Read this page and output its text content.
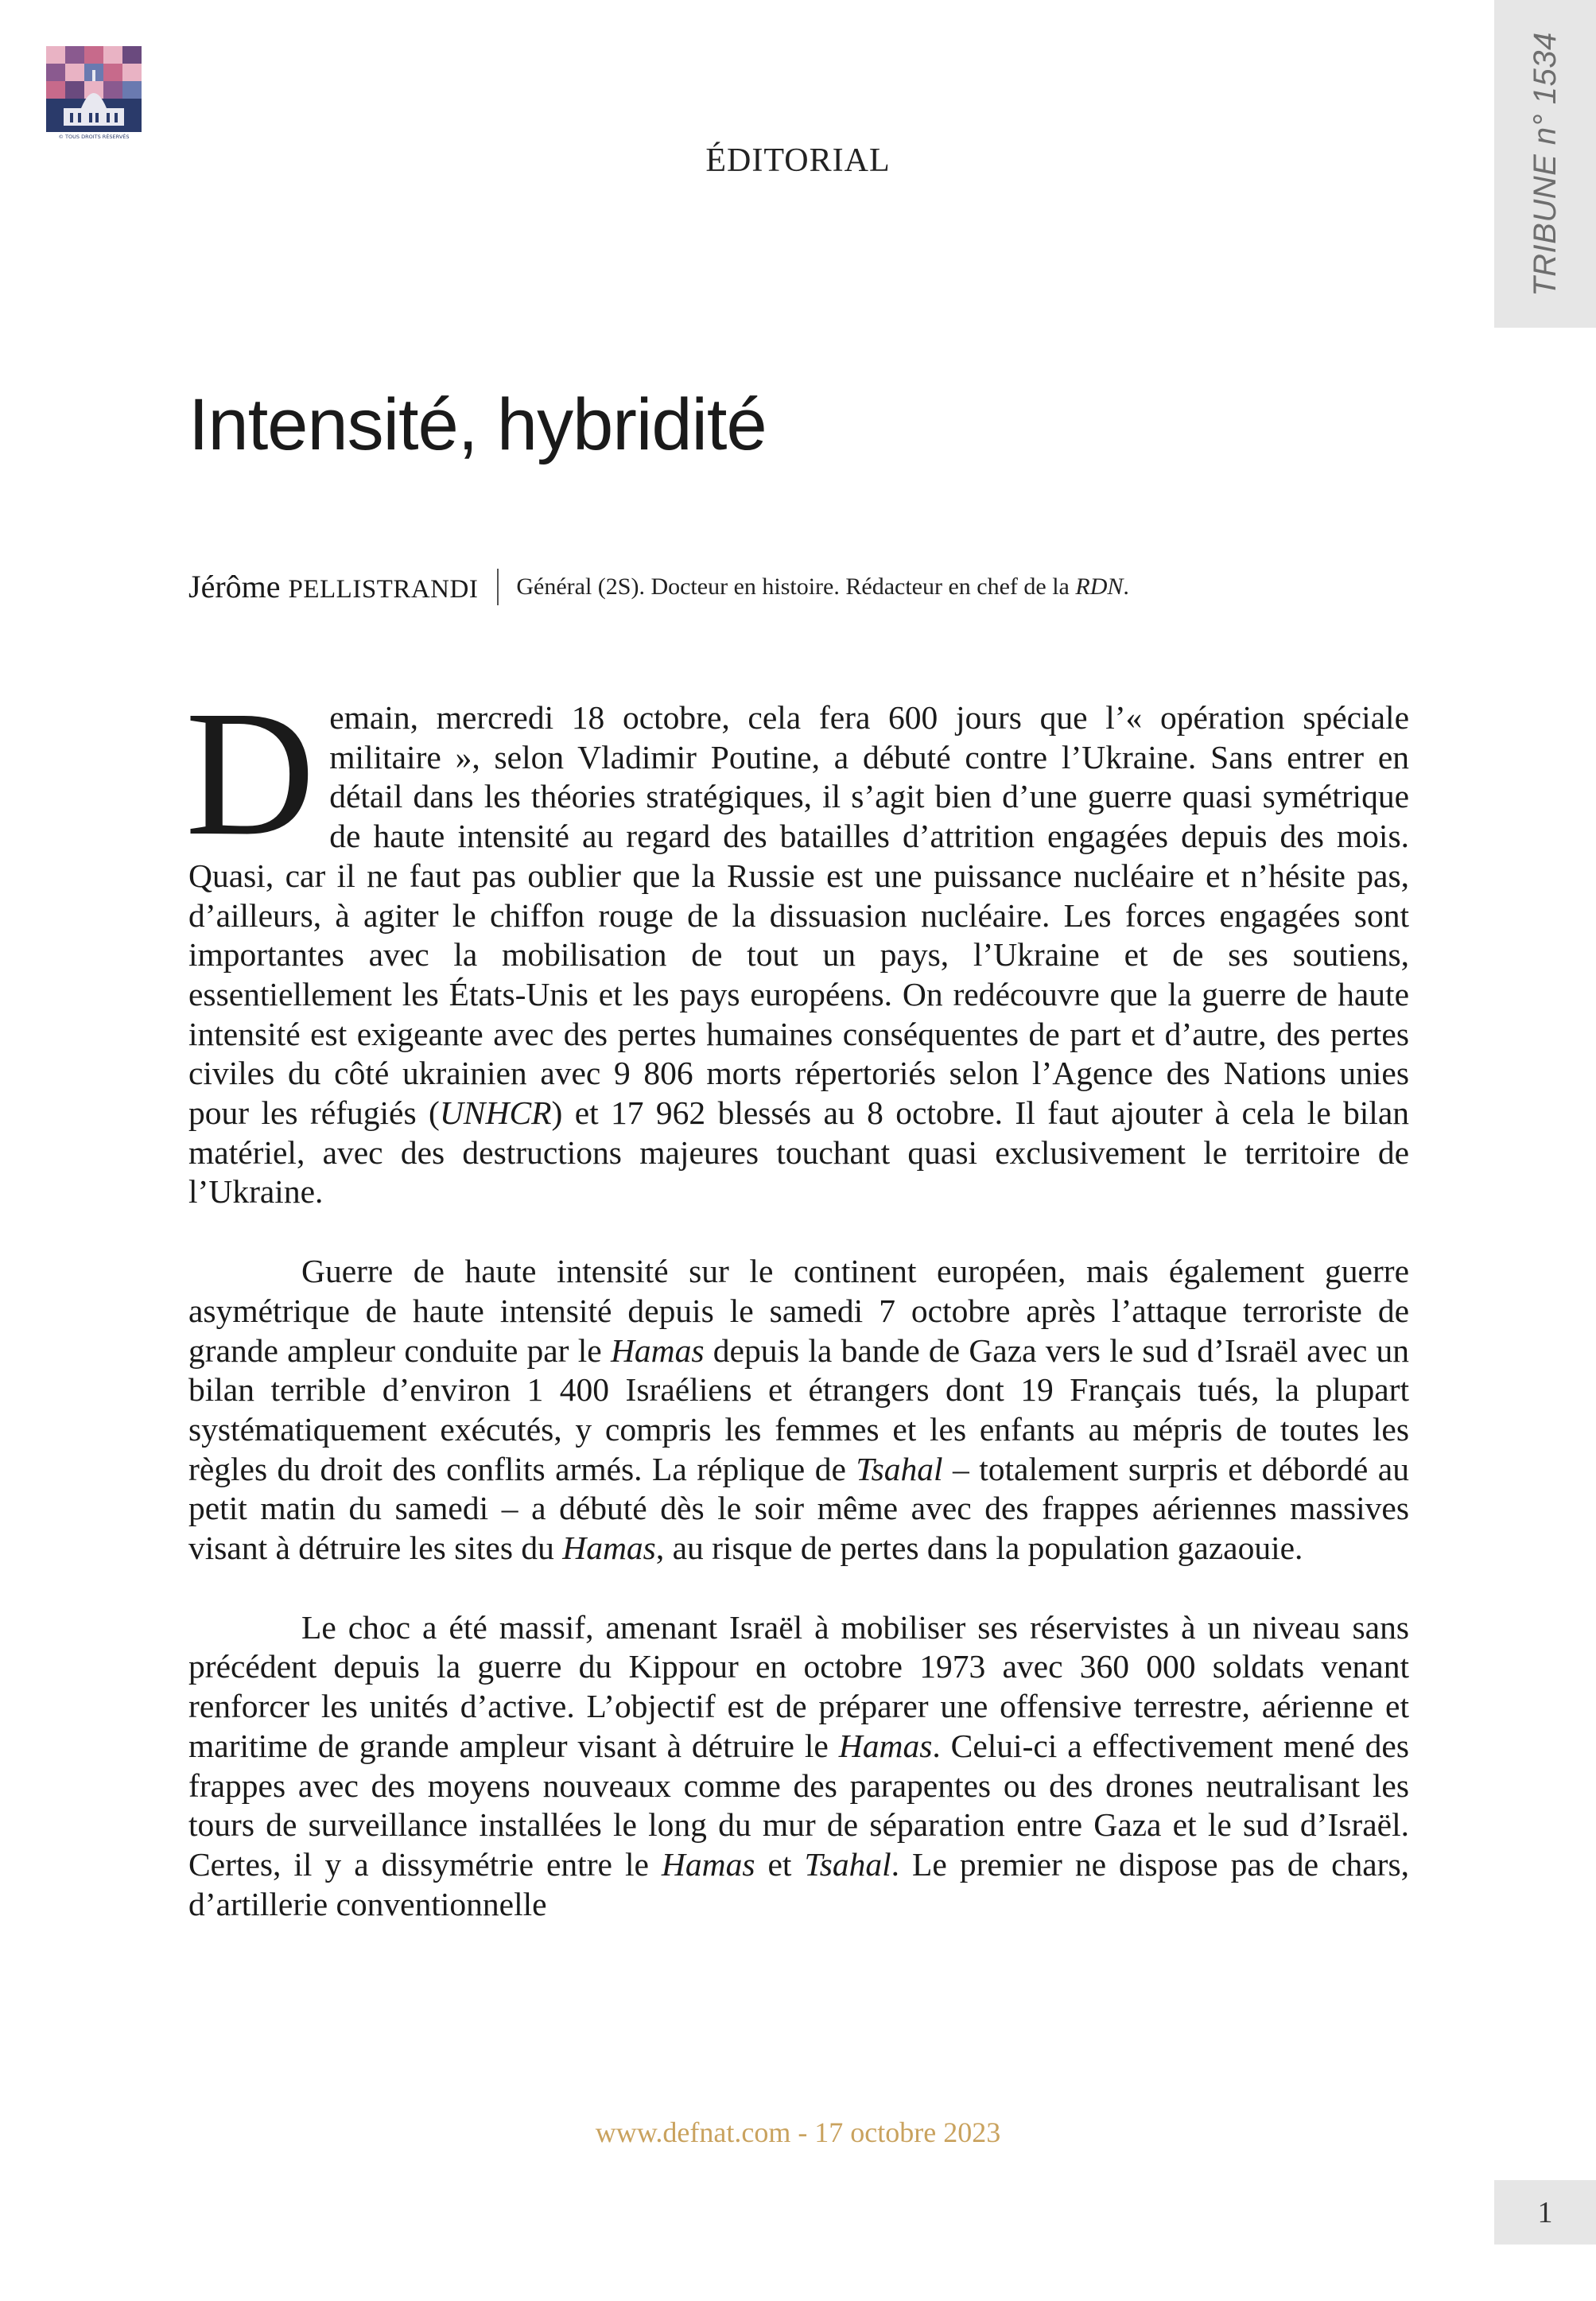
© TOUS DROITS RÉSERVÉS	TRIBUNE n° 1534
ÉDITORIAL
Intensité, hybridité
Jérôme PELLISTRANDI Général (2S). Docteur en histoire. Rédacteur en chef de la RDN.

Demain, mercredi 18 octobre, cela fera 600 jours que l’« opération spéciale militaire », selon Vladimir Poutine, a débuté contre l’Ukraine. Sans entrer en détail dans les théories stratégiques, il s’agit bien d’une guerre quasi symétrique de haute intensité au regard des batailles d’attrition engagées depuis des mois. Quasi, car il ne faut pas oublier que la Russie est une puissance nucléaire et n’hésite pas, d’ailleurs, à agiter le chiffon rouge de la dissuasion nucléaire. Les forces engagées sont importantes avec la mobilisation de tout un pays, l’Ukraine et de ses soutiens, essentiellement les États-Unis et les pays européens. On redécouvre que la guerre de haute intensité est exigeante avec des pertes humaines conséquentes de part et d’autre, des pertes civiles du côté ukrainien avec 9 806 morts répertoriés selon l’Agence des Nations unies pour les réfugiés (UNHCR) et 17 962 blessés au 8 octobre. Il faut ajouter à cela le bilan matériel, avec des destructions majeures touchant quasi exclusivement le territoire de l’Ukraine.

Guerre de haute intensité sur le continent européen, mais également guerre asymétrique de haute intensité depuis le samedi 7 octobre après l’attaque terroriste de grande ampleur conduite par le Hamas depuis la bande de Gaza vers le sud d’Israël avec un bilan terrible d’environ 1 400 Israéliens et étrangers dont 19 Français tués, la plupart systématiquement exécutés, y compris les femmes et les enfants au mépris de toutes les règles du droit des conflits armés. La réplique de Tsahal – totalement surpris et débordé au petit matin du samedi – a débuté dès le soir même avec des frappes aériennes massives visant à détruire les sites du Hamas, au risque de pertes dans la population gazaouie.

Le choc a été massif, amenant Israël à mobiliser ses réservistes à un niveau sans précédent depuis la guerre du Kippour en octobre 1973 avec 360 000 soldats venant renforcer les unités d’active. L’objectif est de préparer une offensive terrestre, aérienne et maritime de grande ampleur visant à détruire le Hamas. Celui-ci a effectivement mené des frappes avec des moyens nouveaux comme des parapentes ou des drones neutralisant les tours de surveillance installées le long du mur de séparation entre Gaza et le sud d’Israël. Certes, il y a dissymétrie entre le Hamas et Tsahal. Le premier ne dispose pas de chars, d’artillerie conventionnelle

www.defnat.com - 17 octobre 2023
1
